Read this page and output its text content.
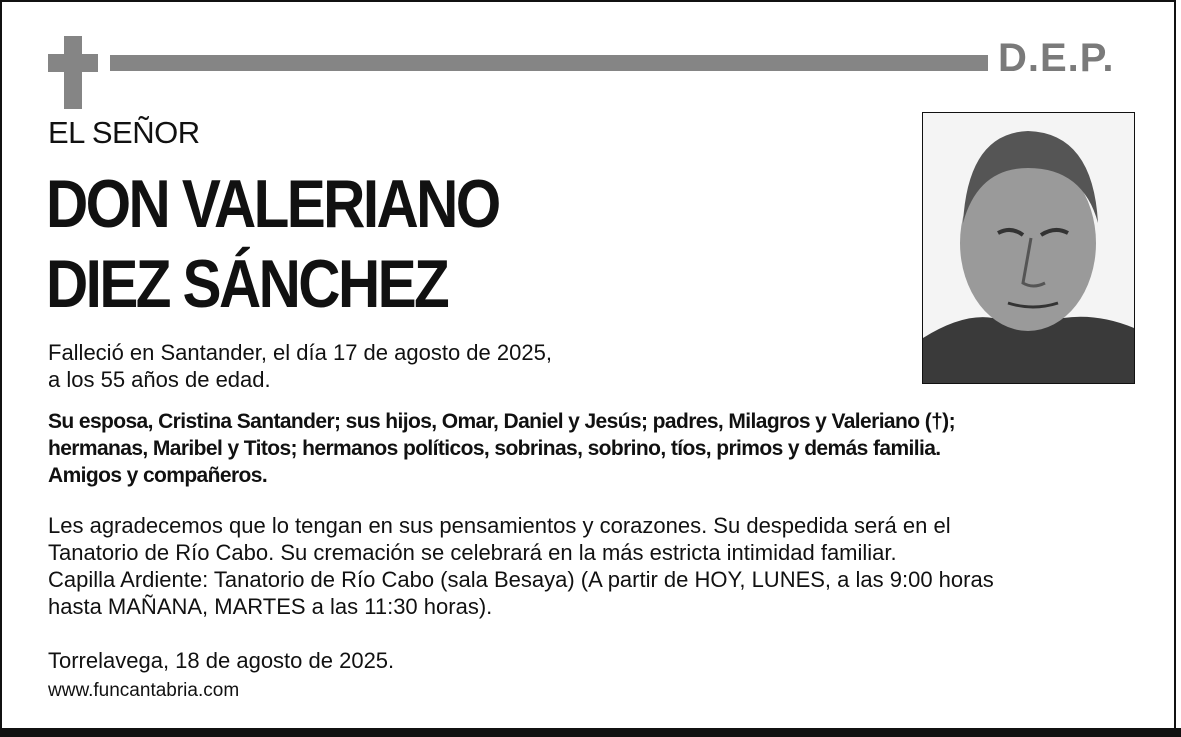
D.E.P.
EL SEÑOR
DON VALERIANO
DIEZ SÁNCHEZ
Falleció en Santander, el día 17 de agosto de 2025,
a los 55 años de edad.
Su esposa, Cristina Santander; sus hijos, Omar, Daniel y Jesús; padres, Milagros y Valeriano (†);
hermanas, Maribel y Titos; hermanos políticos, sobrinas, sobrino, tíos, primos y demás familia.
Amigos y compañeros.
Les agradecemos que lo tengan en sus pensamientos y corazones. Su despedida será en el
Tanatorio de Río Cabo. Su cremación se celebrará en la más estricta intimidad familiar.
Capilla Ardiente: Tanatorio de Río Cabo (sala Besaya) (A partir de HOY, LUNES, a las 9:00 horas
hasta MAÑANA, MARTES a las 11:30 horas).
Torrelavega, 18 de agosto de 2025.
www.funcantabria.com
